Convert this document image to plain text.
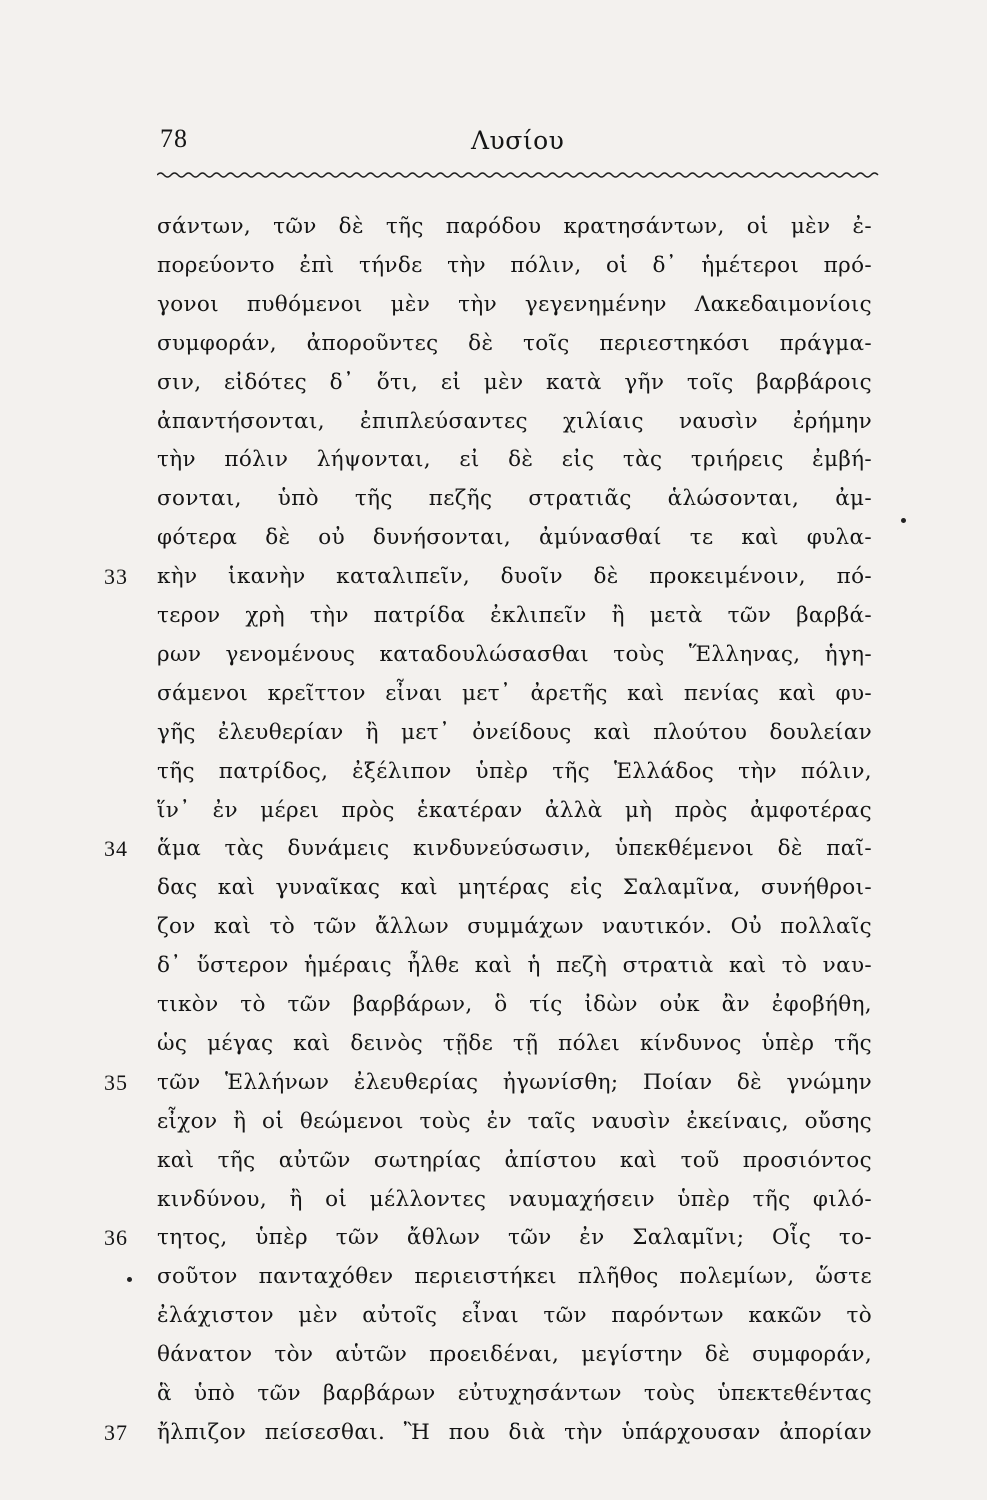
78	Λυσίου
σάντων, τῶν δὲ τῆς παρόδου κρατησάντων, οἱ μὲν ἐ-
πορεύοντο ἐπὶ τήνδε τὴν πόλιν, οἱ δ᾽ ἡμέτεροι πρό-
γονοι πυθόμενοι μὲν τὴν γεγενημένην Λακεδαιμονίοις
συμφοράν, ἀποροῦντες δὲ τοῖς περιεστηκόσι πράγμα-
σιν, εἰδότες δ᾽ ὅτι, εἰ μὲν κατὰ γῆν τοῖς βαρβάροις
ἀπαντήσονται, ἐπιπλεύσαντες χιλίαις ναυσὶν ἐρήμην
τὴν πόλιν λήψονται, εἰ δὲ εἰς τὰς τριήρεις ἐμβή-
σονται, ὑπὸ τῆς πεζῆς στρατιᾶς ἁλώσονται, ἀμ-
φότερα δὲ οὐ δυνήσονται, ἀμύνασθαί τε καὶ φυλα-
κὴν ἱκανὴν καταλιπεῖν, δυοῖν δὲ προκειμένοιν, πό-
33
τερον χρὴ τὴν πατρίδα ἐκλιπεῖν ἢ μετὰ τῶν βαρβά-
ρων γενομένους καταδουλώσασθαι τοὺς Ἕλληνας, ἡγη-
σάμενοι κρεῖττον εἶναι μετ᾽ ἀρετῆς καὶ πενίας καὶ φυ-
γῆς ἐλευθερίαν ἢ μετ᾽ ὀνείδους καὶ πλούτου δουλείαν
τῆς πατρίδος, ἐξέλιπον ὑπὲρ τῆς Ἑλλάδος τὴν πόλιν,
ἵν᾽ ἐν μέρει πρὸς ἑκατέραν ἀλλὰ μὴ πρὸς ἀμφοτέρας
ἅμα τὰς δυνάμεις κινδυνεύσωσιν, ὑπεκθέμενοι δὲ παῖ-
34
δας καὶ γυναῖκας καὶ μητέρας εἰς Σαλαμῖνα, συνήθροι-
ζον καὶ τὸ τῶν ἄλλων συμμάχων ναυτικόν. Οὐ πολλαῖς
δ᾽ ὕστερον ἡμέραις ἦλθε καὶ ἡ πεζὴ στρατιὰ καὶ τὸ ναυ-
τικὸν τὸ τῶν βαρβάρων, ὃ τίς ἰδὼν οὐκ ἂν ἐφοβήθη,
ὡς μέγας καὶ δεινὸς τῇδε τῇ πόλει κίνδυνος ὑπὲρ τῆς
τῶν Ἑλλήνων ἐλευθερίας ἠγωνίσθη; Ποίαν δὲ γνώμην
35
εἶχον ἢ οἱ θεώμενοι τοὺς ἐν ταῖς ναυσὶν ἐκείναις, οὔσης
καὶ τῆς αὐτῶν σωτηρίας ἀπίστου καὶ τοῦ προσιόντος
κινδύνου, ἢ οἱ μέλλοντες ναυμαχήσειν ὑπὲρ τῆς φιλό-
τητος, ὑπὲρ τῶν ἄθλων τῶν ἐν Σαλαμῖνι; Οἷς το-
36
σοῦτον πανταχόθεν περιειστήκει πλῆθος πολεμίων, ὥστε
ἐλάχιστον μὲν αὐτοῖς εἶναι τῶν παρόντων κακῶν τὸ
θάνατον τὸν αὑτῶν προειδέναι, μεγίστην δὲ συμφοράν,
ἃ ὑπὸ τῶν βαρβάρων εὐτυχησάντων τοὺς ὑπεκτεθέντας
ἤλπιζον πείσεσθαι. Ἢ που διὰ τὴν ὑπάρχουσαν ἀπορίαν
37
